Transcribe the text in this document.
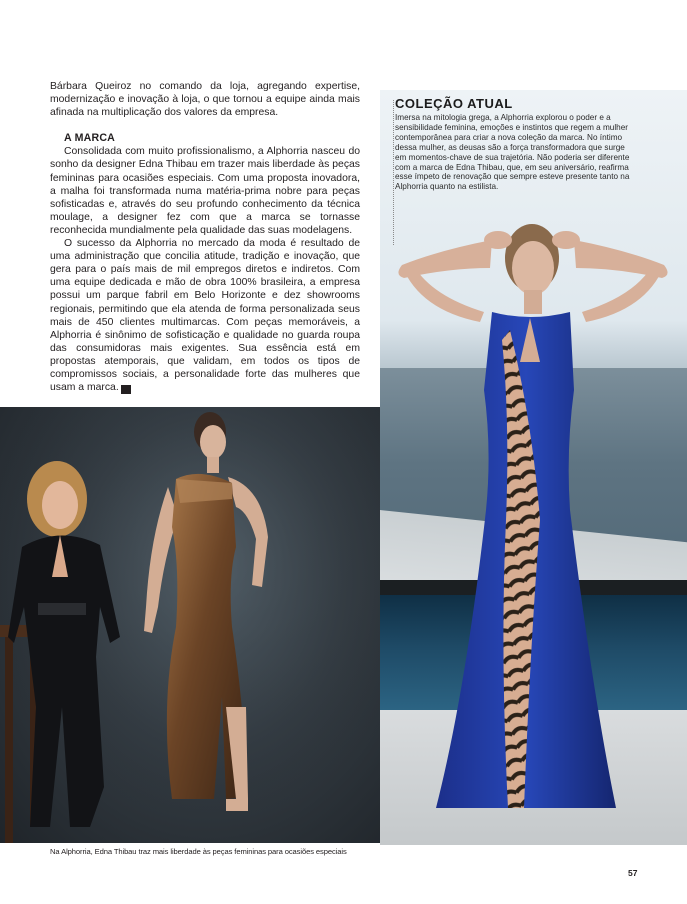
Bárbara Queiroz no comando da loja, agregando expertise, modernização e inovação à loja, o que tornou a equipe ainda mais afinada na multiplicação dos valores da empresa.

A MARCA

Consolidada com muito profissionalismo, a Alphorria nasceu do sonho da designer Edna Thibau em trazer mais liberdade às peças femininas para ocasiões especiais. Com uma proposta inovadora, a malha foi transformada numa matéria-prima nobre para peças sofisticadas e, através do seu profundo conhecimento da técnica moulage, a designer fez com que a marca se tornasse reconhecida mundialmente pela qualidade das suas modelagens.

O sucesso da Alphorria no mercado da moda é resultado de uma administração que concilia atitude, tradição e inovação, que gera para o país mais de mil empregos diretos e indiretos. Com uma equipe dedicada e mão de obra 100% brasileira, a empresa possui um parque fabril em Belo Horizonte e dez showrooms regionais, permitindo que ela atenda de forma personalizada seus mais de 450 clientes multimarcas. Com peças memoráveis, a Alphorria é sinônimo de sofisticação e qualidade no guarda roupa das consumidoras mais exigentes. Sua essência está em propostas atemporais, que validam, em todos os tipos de compromissos sociais, a personalidade forte das mulheres que usam a marca. R

COLEÇÃO ATUAL
Imersa na mitologia grega, a Alphorria explorou o poder e a sensibilidade feminina, emoções e instintos que regem a mulher contemporânea para criar a nova coleção da marca. No íntimo dessa mulher, as deusas são a força transformadora que surge em momentos-chave de sua trajetória. Não poderia ser diferente com a marca de Edna Thibau, que, em seu aniversário, reafirma esse ímpeto de renovação que sempre esteve presente tanto na Alphorria quanto na estilista.
Na Alphorria, Edna Thibau traz mais liberdade às peças femininas para ocasiões especiais
57
